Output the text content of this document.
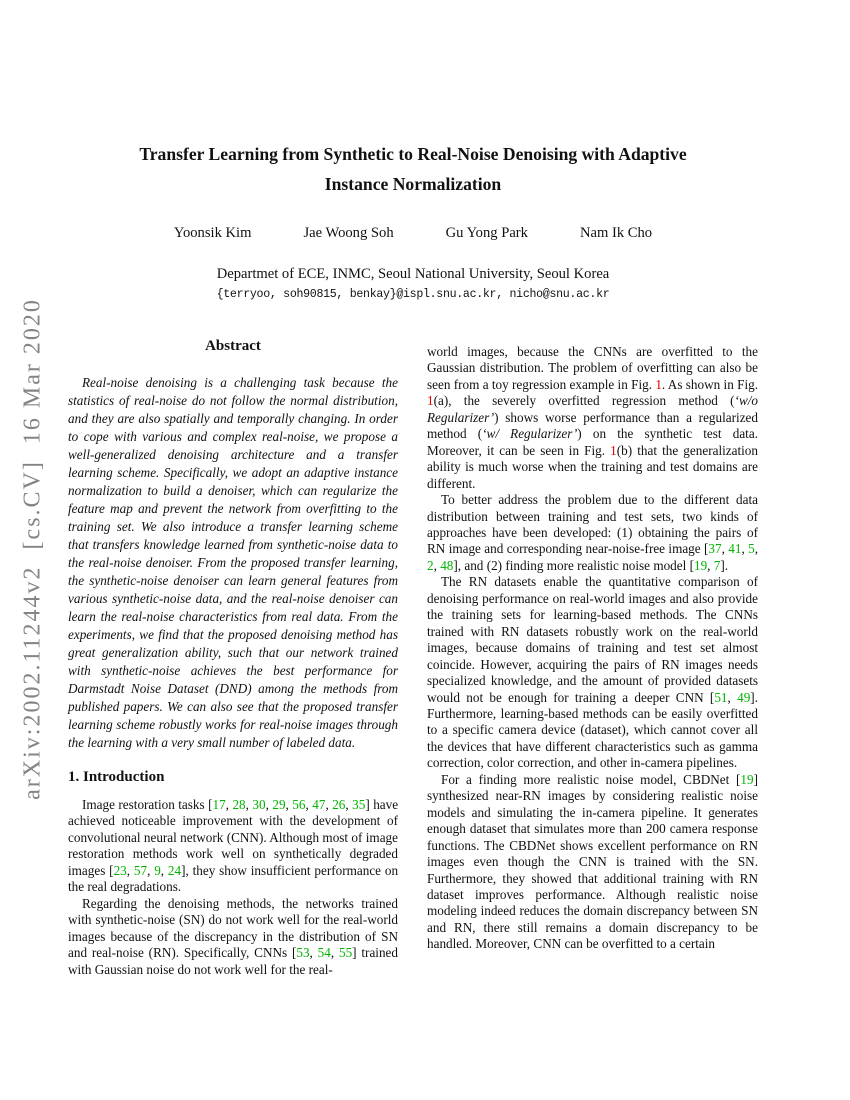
arXiv:2002.11244v2  [cs.CV]  16 Mar 2020
Transfer Learning from Synthetic to Real-Noise Denoising with Adaptive
Instance Normalization
Yoonsik Kim	Jae Woong Soh	Gu Yong Park	Nam Ik Cho
Departmet of ECE, INMC, Seoul National University, Seoul Korea
{terryoo, soh90815, benkay}@ispl.snu.ac.kr, nicho@snu.ac.kr
Abstract

Real-noise denoising is a challenging task because the statistics of real-noise do not follow the normal distribution, and they are also spatially and temporally changing. In order to cope with various and complex real-noise, we propose a well-generalized denoising architecture and a transfer learning scheme. Specifically, we adopt an adaptive instance normalization to build a denoiser, which can regularize the feature map and prevent the network from overfitting to the training set. We also introduce a transfer learning scheme that transfers knowledge learned from synthetic-noise data to the real-noise denoiser. From the proposed transfer learning, the synthetic-noise denoiser can learn general features from various synthetic-noise data, and the real-noise denoiser can learn the real-noise characteristics from real data. From the experiments, we find that the proposed denoising method has great generalization ability, such that our network trained with synthetic-noise achieves the best performance for Darmstadt Noise Dataset (DND) among the methods from published papers. We can also see that the proposed transfer learning scheme robustly works for real-noise images through the learning with a very small number of labeled data.

1. Introduction

Image restoration tasks [17, 28, 30, 29, 56, 47, 26, 35] have achieved noticeable improvement with the development of convolutional neural network (CNN). Although most of image restoration methods work well on synthetically degraded images [23, 57, 9, 24], they show insufficient performance on the real degradations.

Regarding the denoising methods, the networks trained with synthetic-noise (SN) do not work well for the real-world images because of the discrepancy in the distribution of SN and real-noise (RN). Specifically, CNNs [53, 54, 55] trained with Gaussian noise do not work well for the real-

world images, because the CNNs are overfitted to the Gaussian distribution. The problem of overfitting can also be seen from a toy regression example in Fig. 1. As shown in Fig. 1(a), the severely overfitted regression method (‘w/o Regularizer’) shows worse performance than a regularized method (‘w/ Regularizer’) on the synthetic test data. Moreover, it can be seen in Fig. 1(b) that the generalization ability is much worse when the training and test domains are different.

To better address the problem due to the different data distribution between training and test sets, two kinds of approaches have been developed: (1) obtaining the pairs of RN image and corresponding near-noise-free image [37, 41, 5, 2, 48], and (2) finding more realistic noise model [19, 7].

The RN datasets enable the quantitative comparison of denoising performance on real-world images and also provide the training sets for learning-based methods. The CNNs trained with RN datasets robustly work on the real-world images, because domains of training and test set almost coincide. However, acquiring the pairs of RN images needs specialized knowledge, and the amount of provided datasets would not be enough for training a deeper CNN [51, 49]. Furthermore, learning-based methods can be easily overfitted to a specific camera device (dataset), which cannot cover all the devices that have different characteristics such as gamma correction, color correction, and other in-camera pipelines.

For a finding more realistic noise model, CBDNet [19] synthesized near-RN images by considering realistic noise models and simulating the in-camera pipeline. It generates enough dataset that simulates more than 200 camera response functions. The CBDNet shows excellent performance on RN images even though the CNN is trained with the SN. Furthermore, they showed that additional training with RN dataset improves performance. Although realistic noise modeling indeed reduces the domain discrepancy between SN and RN, there still remains a domain discrepancy to be handled. Moreover, CNN can be overfitted to a certain
